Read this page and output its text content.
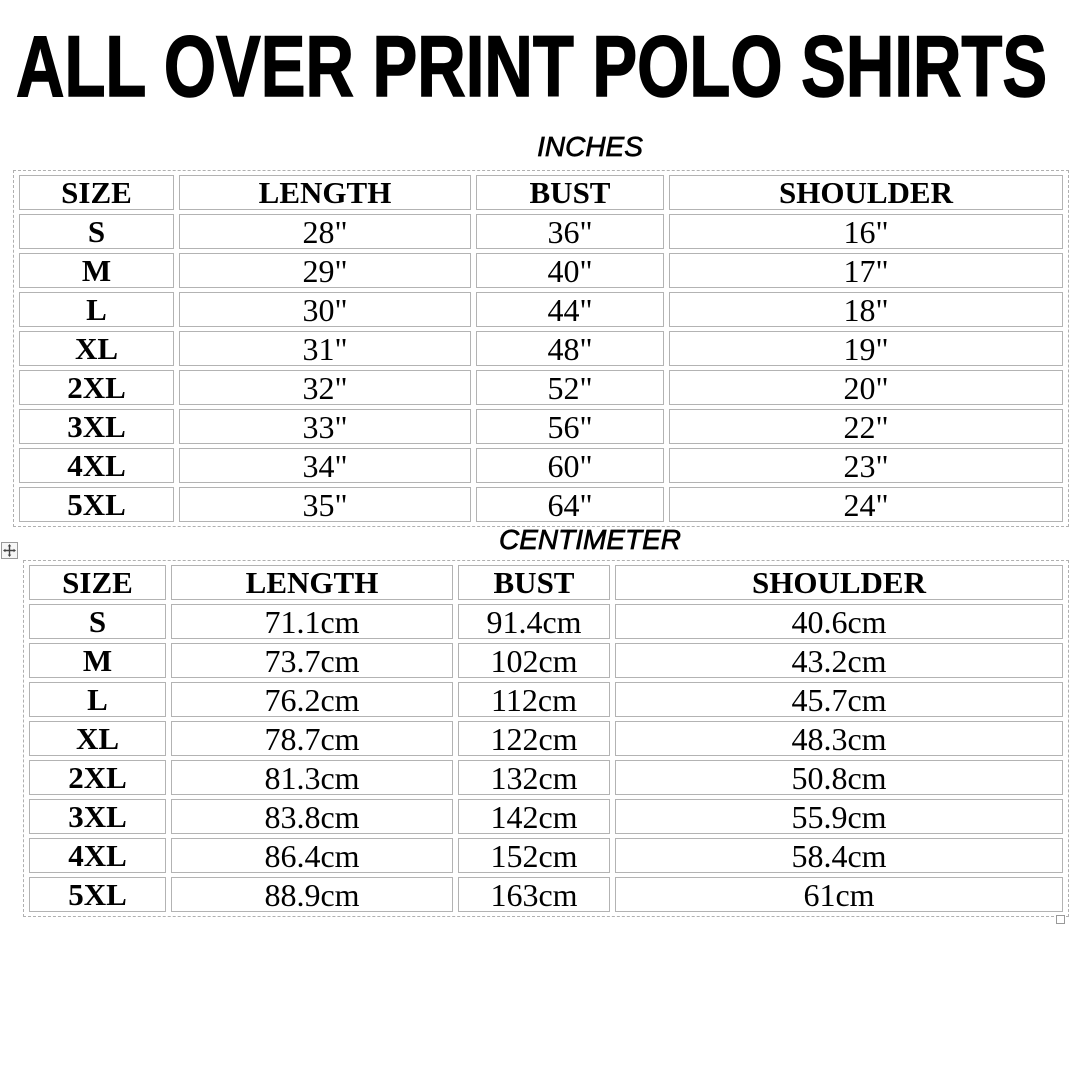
ALL OVER PRINT POLO SHIRTS
INCHES
SIZE	LENGTH	BUST	SHOULDER
S	28"	36"	16"
M	29"	40"	17"
L	30"	44"	18"
XL	31"	48"	19"
2XL	32"	52"	20"
3XL	33"	56"	22"
4XL	34"	60"	23"
5XL	35"	64"	24"
CENTIMETER
SIZE	LENGTH	BUST	SHOULDER
S	71.1cm	91.4cm	40.6cm
M	73.7cm	102cm	43.2cm
L	76.2cm	112cm	45.7cm
XL	78.7cm	122cm	48.3cm
2XL	81.3cm	132cm	50.8cm
3XL	83.8cm	142cm	55.9cm
4XL	86.4cm	152cm	58.4cm
5XL	88.9cm	163cm	61cm
